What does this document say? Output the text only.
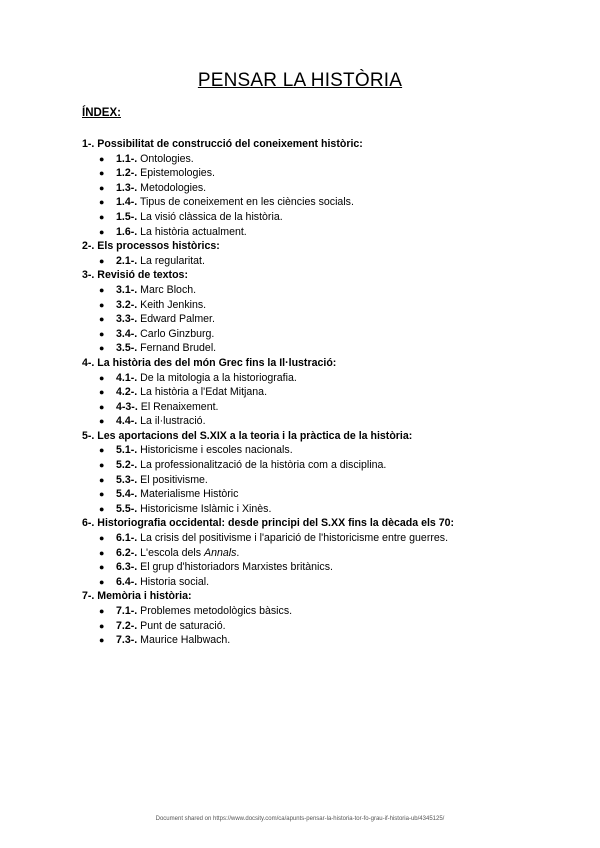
PENSAR LA HISTÒRIA
ÍNDEX:
1-. Possibilitat de construcció del coneixement històric:
● 1.1-. Ontologies.
● 1.2-. Epistemologies.
● 1.3-. Metodologies.
● 1.4-. Tipus de coneixement en les ciències socials.
● 1.5-. La visió clàssica de la història.
● 1.6-. La història actualment.
2-. Els processos històrics:
● 2.1-. La regularitat.
3-. Revisió de textos:
● 3.1-. Marc Bloch.
● 3.2-. Keith Jenkins.
● 3.3-. Edward Palmer.
● 3.4-. Carlo Ginzburg.
● 3.5-. Fernand Brudel.
4-. La història des del món Grec fins la Il·lustració:
● 4.1-. De la mitologia a la historiografia.
● 4.2-. La història a l'Edat Mitjana.
● 4-3-. El Renaixement.
● 4.4-. La il·lustració.
5-. Les aportacions del S.XIX a la teoria i la pràctica de la història:
● 5.1-. Historicisme i escoles nacionals.
● 5.2-. La professionalització de la història com a disciplina.
● 5.3-. El positivisme.
● 5.4-. Materialisme Històric
● 5.5-. Historicisme Islàmic i Xinès.
6-. Historiografia occidental: desde principi del S.XX fins la dècada els 70:
● 6.1-. La crisis del positivisme i l'aparició de l'historicisme entre guerres.
● 6.2-. L'escola dels Annals.
● 6.3-. El grup d'historiadors Marxistes britànics.
● 6.4-. Historia social.
7-. Memòria i història:
● 7.1-. Problemes metodològics bàsics.
● 7.2-. Punt de saturació.
● 7.3-. Maurice Halbwach.
Document shared on https://www.docsity.com/ca/apunts-pensar-la-historia-tor-fo-grau-if-historia-ub/4345125/
